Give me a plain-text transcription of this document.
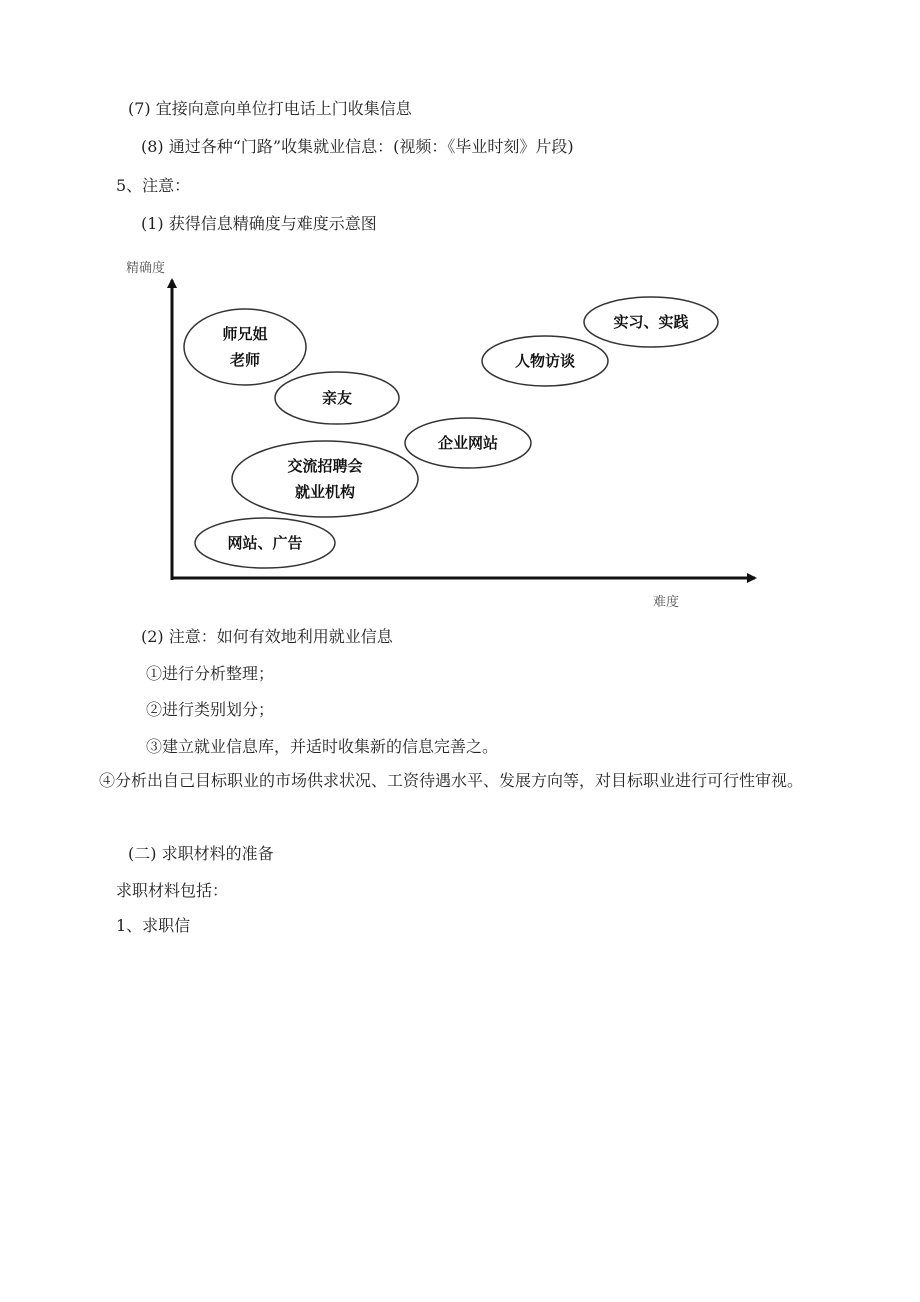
(7) 宜接向意向单位打电话上门收集信息
(8) 通过各种“门路”收集就业信息：(视频：《毕业时刻》片段)
5、注意：
(1) 获得信息精确度与难度示意图
精确度
难度
师兄姐
老师
亲友
交流招聘会
就业机构
网站、广告
企业网站
人物访谈
实习、实践
(2) 注意：如何有效地利用就业信息
①进行分析整理；
②进行类别划分；
③建立就业信息库，并适时收集新的信息完善之。
④分析出自己目标职业的市场供求状况、工资待遇水平、发展方向等，对目标职业进行可行性审视。
(二) 求职材料的准备
求职材料包括：
1、求职信
